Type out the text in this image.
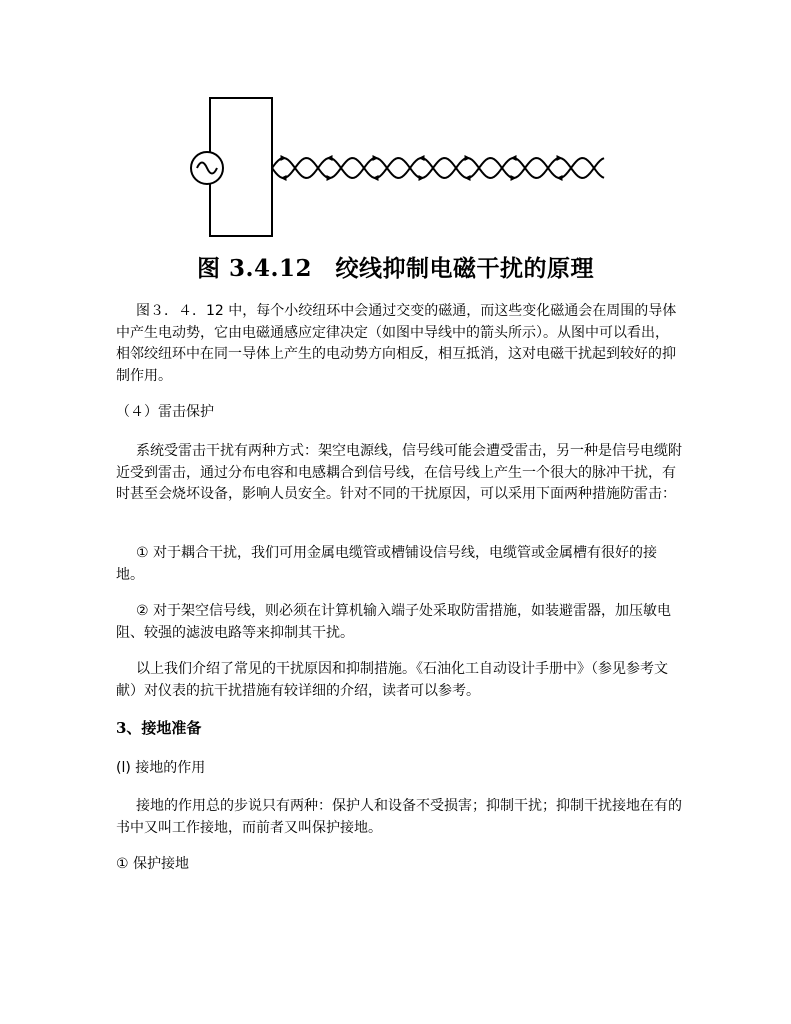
图 3.4.12　绞线抑制电磁干扰的原理

图３．４．12 中，每个小绞纽环中会通过交变的磁通，而这些变化磁通会在周围的导体中产生电动势，它由电磁通感应定律决定（如图中导线中的箭头所示）。从图中可以看出，相邻绞纽环中在同一导体上产生的电动势方向相反，相互抵消，这对电磁干扰起到较好的抑制作用。

（４）雷击保护

系统受雷击干扰有两种方式：架空电源线，信号线可能会遭受雷击，另一种是信号电缆附近受到雷击，通过分布电容和电感耦合到信号线，在信号线上产生一个很大的脉冲干扰，有时甚至会烧坏设备，影响人员安全。针对不同的干扰原因，可以采用下面两种措施防雷击：

① 对于耦合干扰，我们可用金属电缆管或槽铺设信号线，电缆管或金属槽有很好的接地。

② 对于架空信号线，则必须在计算机输入端子处采取防雷措施，如装避雷器，加压敏电阻、较强的滤波电路等来抑制其干扰。

以上我们介绍了常见的干扰原因和抑制措施。《石油化工自动设计手册中》（参见参考文献）对仪表的抗干扰措施有较详细的介绍，读者可以参考。

3、接地准备

(l) 接地的作用

接地的作用总的步说只有两种：保护人和设备不受损害；抑制干扰；抑制干扰接地在有的书中又叫工作接地，而前者又叫保护接地。

① 保护接地
